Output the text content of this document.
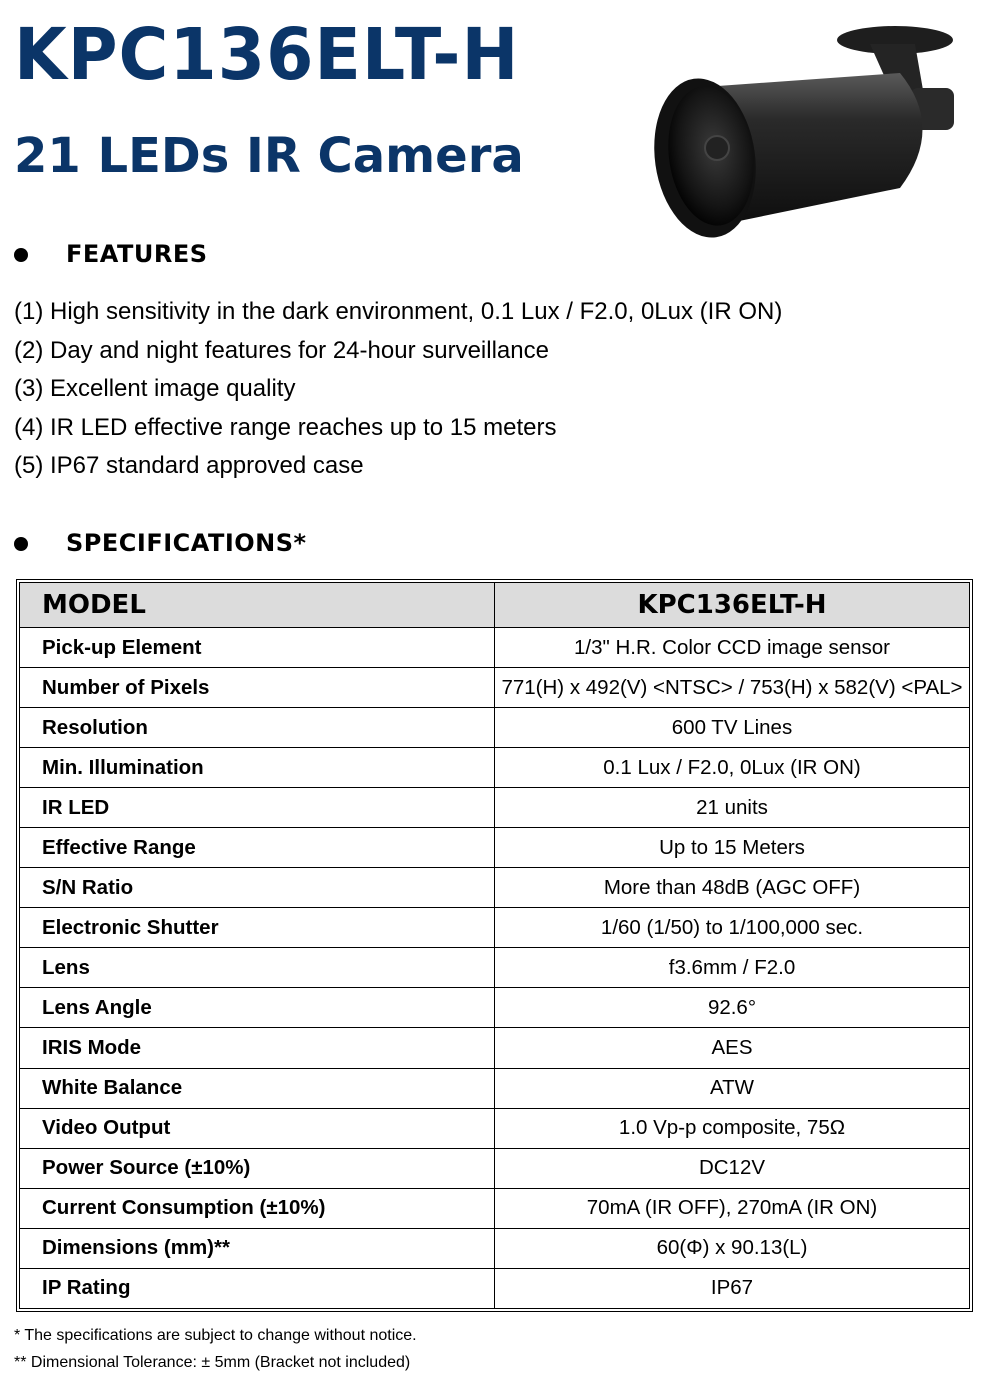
KPC136ELT-H
21 LEDs IR Camera
FEATURES
(1) High sensitivity in the dark environment, 0.1 Lux / F2.0, 0Lux (IR ON)
(2) Day and night features for 24-hour surveillance
(3) Excellent image quality
(4) IR LED effective range reaches up to 15 meters
(5) IP67 standard approved case
SPECIFICATIONS*
MODEL	KPC136ELT-H
Pick-up Element	1/3" H.R. Color CCD image sensor
Number of Pixels	771(H) x 492(V) <NTSC> / 753(H) x 582(V) <PAL>
Resolution	600 TV Lines
Min. Illumination	0.1 Lux / F2.0, 0Lux (IR ON)
IR LED	21 units
Effective Range	Up to 15 Meters
S/N Ratio	More than 48dB (AGC OFF)
Electronic Shutter	1/60 (1/50) to 1/100,000 sec.
Lens	f3.6mm / F2.0
Lens Angle	92.6°
IRIS Mode	AES
White Balance	ATW
Video Output	1.0 Vp-p composite, 75Ω
Power Source (±10%)	DC12V
Current Consumption (±10%)	70mA (IR OFF), 270mA (IR ON)
Dimensions (mm)**	60(Φ) x 90.13(L)
IP Rating	IP67
* The specifications are subject to change without notice.
** Dimensional Tolerance: ± 5mm (Bracket not included)
